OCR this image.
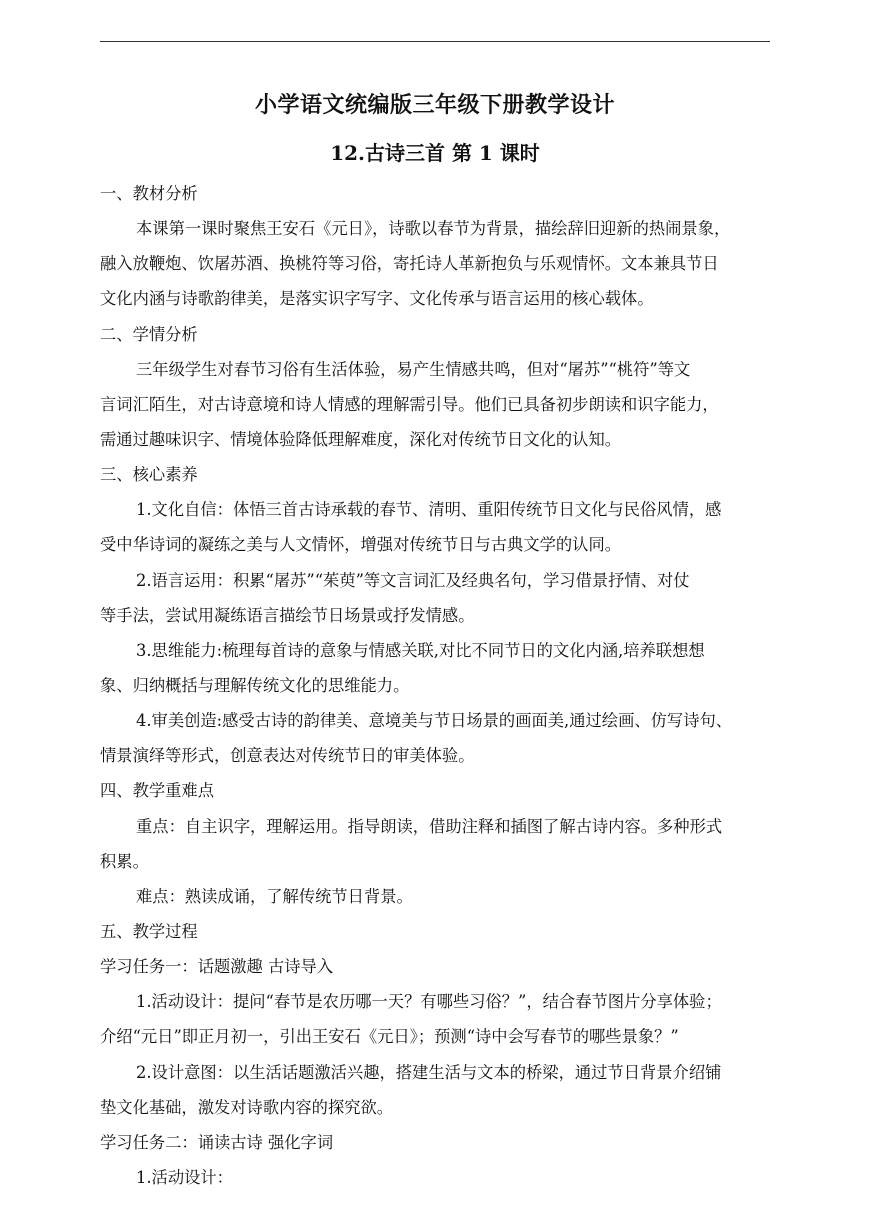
小学语文统编版三年级下册教学设计
12.古诗三首 第 1 课时
一、教材分析
本课第一课时聚焦王安石《元日》，诗歌以春节为背景，描绘辞旧迎新的热闹景象，
融入放鞭炮、饮屠苏酒、换桃符等习俗，寄托诗人革新抱负与乐观情怀。文本兼具节日
文化内涵与诗歌韵律美，是落实识字写字、文化传承与语言运用的核心载体。
二、学情分析
三年级学生对春节习俗有生活体验，易产生情感共鸣，但对“屠苏”“桃符”等文
言词汇陌生，对古诗意境和诗人情感的理解需引导。他们已具备初步朗读和识字能力，
需通过趣味识字、情境体验降低理解难度，深化对传统节日文化的认知。
三、核心素养
1.文化自信：体悟三首古诗承载的春节、清明、重阳传统节日文化与民俗风情，感
受中华诗词的凝练之美与人文情怀，增强对传统节日与古典文学的认同。
2.语言运用：积累“屠苏”“茱萸”等文言词汇及经典名句，学习借景抒情、对仗
等手法，尝试用凝练语言描绘节日场景或抒发情感。
3.思维能力:梳理每首诗的意象与情感关联,对比不同节日的文化内涵,培养联想想
象、归纳概括与理解传统文化的思维能力。
4.审美创造:感受古诗的韵律美、意境美与节日场景的画面美,通过绘画、仿写诗句、
情景演绎等形式，创意表达对传统节日的审美体验。
四、教学重难点
重点：自主识字，理解运用。指导朗读，借助注释和插图了解古诗内容。多种形式
积累。
难点：熟读成诵，了解传统节日背景。
五、教学过程
学习任务一：话题激趣 古诗导入
1.活动设计：提问“春节是农历哪一天？有哪些习俗？”，结合春节图片分享体验；
介绍“元日”即正月初一，引出王安石《元日》；预测“诗中会写春节的哪些景象？”
2.设计意图：以生活话题激活兴趣，搭建生活与文本的桥梁，通过节日背景介绍铺
垫文化基础，激发对诗歌内容的探究欲。
学习任务二：诵读古诗 强化字词
1.活动设计：
